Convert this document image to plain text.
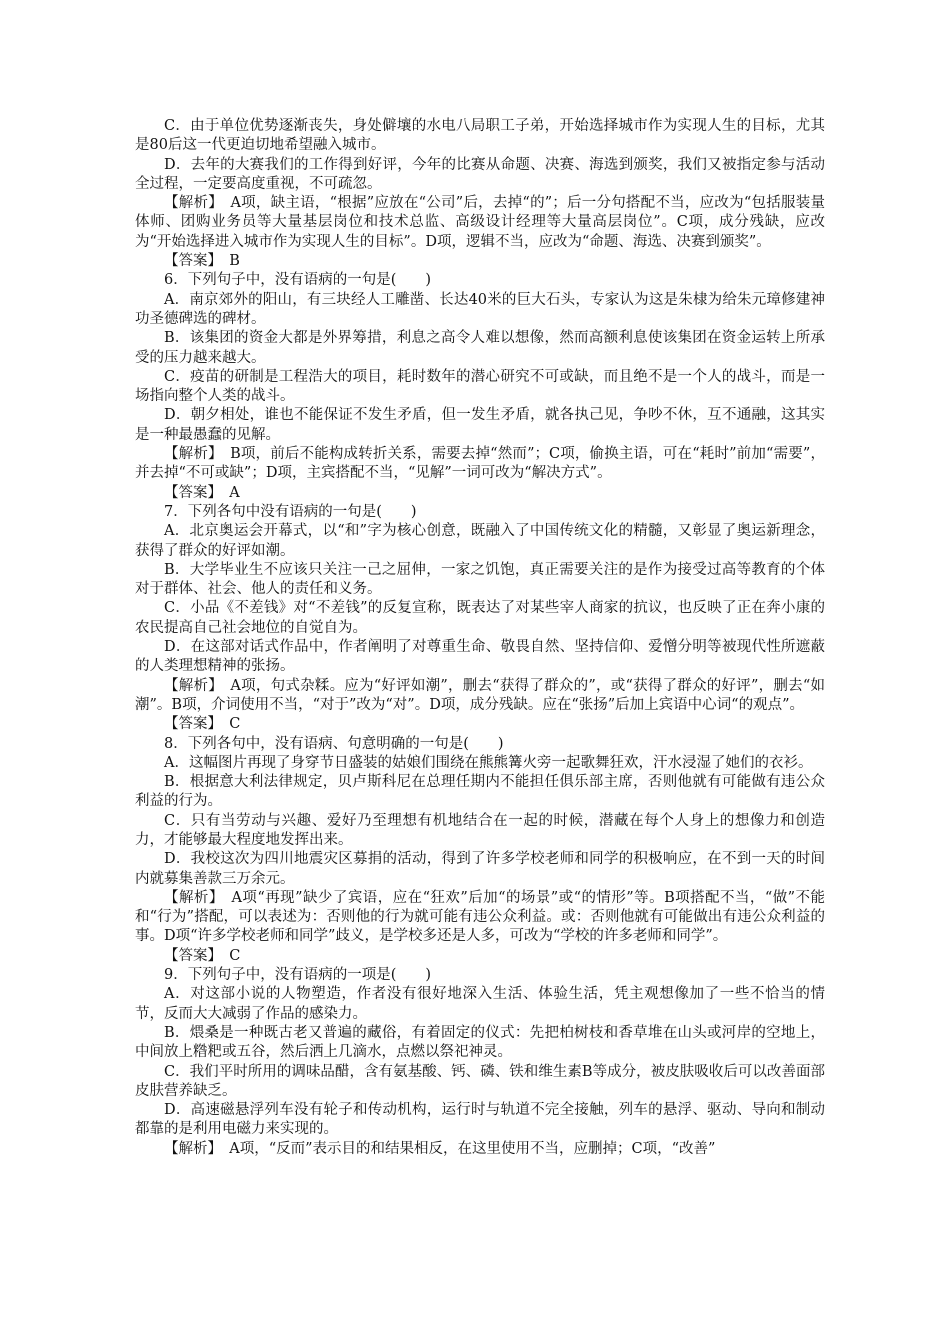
C．由于单位优势逐渐丧失，身处僻壤的水电八局职工子弟，开始选择城市作为实现人生的目标，尤其是80后这一代更迫切地希望融入城市。

D．去年的大赛我们的工作得到好评，今年的比赛从命题、决赛、海选到颁奖，我们又被指定参与活动全过程，一定要高度重视，不可疏忽。

【解析】　A项，缺主语，“根据”应放在“公司”后，去掉“的”；后一分句搭配不当，应改为“包括服装量体师、团购业务员等大量基层岗位和技术总监、高级设计经理等大量高层岗位”。C项，成分残缺，应改为“开始选择进入城市作为实现人生的目标”。D项，逻辑不当，应改为“命题、海选、决赛到颁奖”。

【答案】　B

6．下列句子中，没有语病的一句是(　　)

A．南京郊外的阳山，有三块经人工雕凿、长达40米的巨大石头，专家认为这是朱棣为给朱元璋修建神功圣德碑选的碑材。

B．该集团的资金大都是外界筹措，利息之高令人难以想像，然而高额利息使该集团在资金运转上所承受的压力越来越大。

C．疫苗的研制是工程浩大的项目，耗时数年的潜心研究不可或缺，而且绝不是一个人的战斗，而是一场指向整个人类的战斗。

D．朝夕相处，谁也不能保证不发生矛盾，但一发生矛盾，就各执己见，争吵不休，互不通融，这其实是一种最愚蠢的见解。

【解析】　B项，前后不能构成转折关系，需要去掉“然而”；C项，偷换主语，可在“耗时”前加“需要”，并去掉“不可或缺”；D项，主宾搭配不当，“见解”一词可改为“解决方式”。

【答案】　A

7．下列各句中没有语病的一句是(　　)

A．北京奥运会开幕式，以“和”字为核心创意，既融入了中国传统文化的精髓，又彰显了奥运新理念，获得了群众的好评如潮。

B．大学毕业生不应该只关注一己之屈伸，一家之饥饱，真正需要关注的是作为接受过高等教育的个体对于群体、社会、他人的责任和义务。

C．小品《不差钱》对“不差钱”的反复宣称，既表达了对某些宰人商家的抗议，也反映了正在奔小康的农民提高自己社会地位的自觉自为。

D．在这部对话式作品中，作者阐明了对尊重生命、敬畏自然、坚持信仰、爱憎分明等被现代性所遮蔽的人类理想精神的张扬。

【解析】　A项，句式杂糅。应为“好评如潮”，删去“获得了群众的”，或“获得了群众的好评”，删去“如潮”。B项，介词使用不当，“对于”改为“对”。D项，成分残缺。应在“张扬”后加上宾语中心词“的观点”。

【答案】　C

8．下列各句中，没有语病、句意明确的一句是(　　)

A．这幅图片再现了身穿节日盛装的姑娘们围绕在熊熊篝火旁一起歌舞狂欢，汗水浸湿了她们的衣衫。

B．根据意大利法律规定，贝卢斯科尼在总理任期内不能担任俱乐部主席，否则他就有可能做有违公众利益的行为。

C．只有当劳动与兴趣、爱好乃至理想有机地结合在一起的时候，潜藏在每个人身上的想像力和创造力，才能够最大程度地发挥出来。

D．我校这次为四川地震灾区募捐的活动，得到了许多学校老师和同学的积极响应，在不到一天的时间内就募集善款三万余元。

【解析】　A项“再现”缺少了宾语，应在“狂欢”后加“的场景”或“的情形”等。B项搭配不当，“做”不能和“行为”搭配，可以表述为：否则他的行为就可能有违公众利益。或：否则他就有可能做出有违公众利益的事。D项“许多学校老师和同学”歧义，是学校多还是人多，可改为“学校的许多老师和同学”。

【答案】　C

9．下列句子中，没有语病的一项是(　　)

A．对这部小说的人物塑造，作者没有很好地深入生活、体验生活，凭主观想像加了一些不恰当的情节，反而大大减弱了作品的感染力。

B．煨桑是一种既古老又普遍的藏俗，有着固定的仪式：先把柏树枝和香草堆在山头或河岸的空地上，中间放上糌粑或五谷，然后洒上几滴水，点燃以祭祀神灵。

C．我们平时所用的调味品醋，含有氨基酸、钙、磷、铁和维生素B等成分，被皮肤吸收后可以改善面部皮肤营养缺乏。

D．高速磁悬浮列车没有轮子和传动机构，运行时与轨道不完全接触，列车的悬浮、驱动、导向和制动都靠的是利用电磁力来实现的。

【解析】　A项，“反而”表示目的和结果相反，在这里使用不当，应删掉；C项，“改善”
